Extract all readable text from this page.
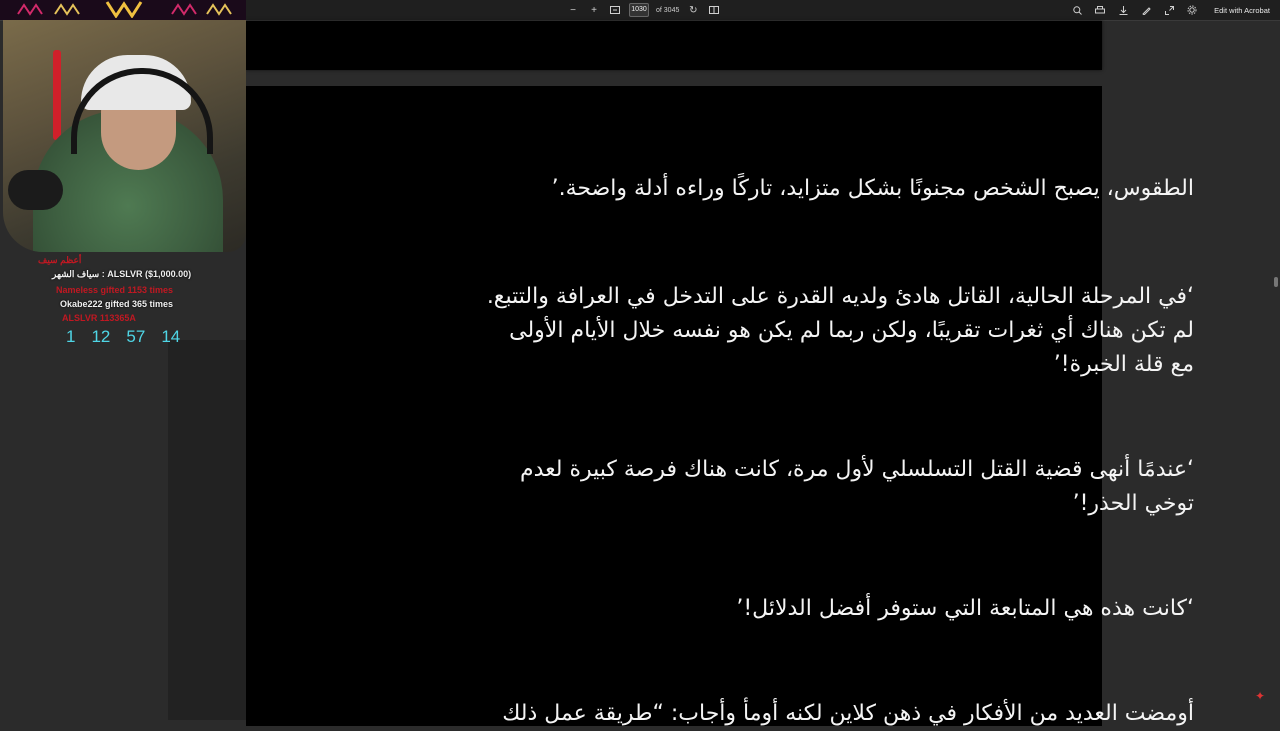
−	+	1030	of 3045 ↻	Edit with Acrobat
الطقوس، يصبح الشخص مجنونًا بشكل متزايد، تاركًا وراءه أدلة واضحة.’
‘في المرحلة الحالية، القاتل هادئ ولديه القدرة على التدخل في العرافة والتتبع.
لم تكن هناك أي ثغرات تقريبًا، ولكن ربما لم يكن هو نفسه خلال الأيام الأولى
مع قلة الخبرة!’
‘عندمًا أنهى قضية القتل التسلسلي لأول مرة، كانت هناك فرصة كبيرة لعدم
توخي الحذر!’
‘كانت هذه هي المتابعة التي ستوفر أفضل الدلائل!’
أومضت العديد من الأفكار في ذهن كلاين لكنه أومأ وأجاب: “طريقة عمل ذلك
✦
أعظم سيف
سياف الشهر : ALSLVR ($1,000.00)
Nameless gifted 1153 times
Okabe222 gifted 365 times
ALSLVR 113365A
1 12 57 14
